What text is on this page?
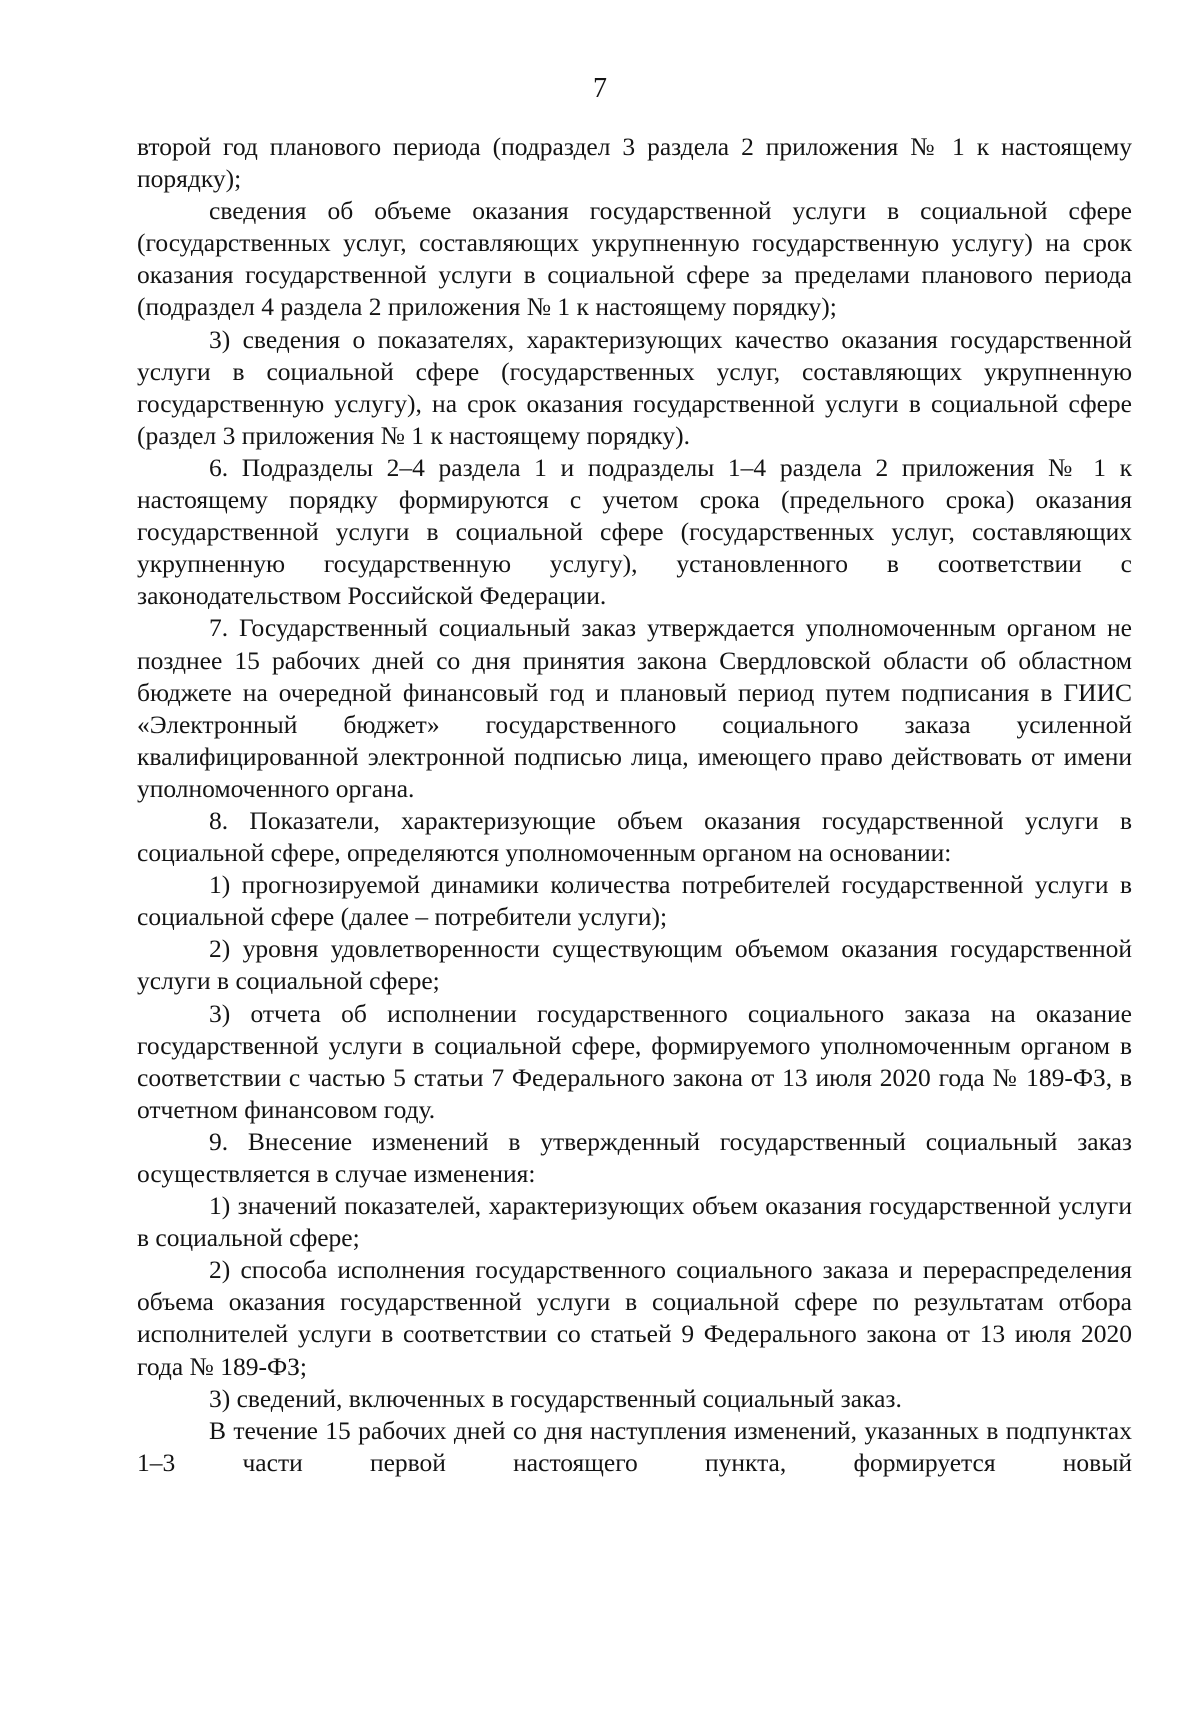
7

второй год планового периода (подраздел 3 раздела 2 приложения № 1 к настоящему порядку);

сведения об объеме оказания государственной услуги в социальной сфере (государственных услуг, составляющих укрупненную государственную услугу) на срок оказания государственной услуги в социальной сфере за пределами планового периода (подраздел 4 раздела 2 приложения № 1 к настоящему порядку);

3) сведения о показателях, характеризующих качество оказания государственной услуги в социальной сфере (государственных услуг, составляющих укрупненную государственную услугу), на срок оказания государственной услуги в социальной сфере (раздел 3 приложения № 1 к настоящему порядку).

6. Подразделы 2–4 раздела 1 и подразделы 1–4 раздела 2 приложения № 1 к настоящему порядку формируются с учетом срока (предельного срока) оказания государственной услуги в социальной сфере (государственных услуг, составляющих укрупненную государственную услугу), установленного в соответствии с законодательством Российской Федерации.

7. Государственный социальный заказ утверждается уполномоченным органом не позднее 15 рабочих дней со дня принятия закона Свердловской области об областном бюджете на очередной финансовый год и плановый период путем подписания в ГИИС «Электронный бюджет» государственного социального заказа усиленной квалифицированной электронной подписью лица, имеющего право действовать от имени уполномоченного органа.

8. Показатели, характеризующие объем оказания государственной услуги в социальной сфере, определяются уполномоченным органом на основании:

1) прогнозируемой динамики количества потребителей государственной услуги в социальной сфере (далее – потребители услуги);

2) уровня удовлетворенности существующим объемом оказания государственной услуги в социальной сфере;

3) отчета об исполнении государственного социального заказа на оказание государственной услуги в социальной сфере, формируемого уполномоченным органом в соответствии с частью 5 статьи 7 Федерального закона от 13 июля 2020 года № 189-ФЗ, в отчетном финансовом году.

9. Внесение изменений в утвержденный государственный социальный заказ осуществляется в случае изменения:

1) значений показателей, характеризующих объем оказания государственной услуги в социальной сфере;

2) способа исполнения государственного социального заказа и перераспределения объема оказания государственной услуги в социальной сфере по результатам отбора исполнителей услуги в соответствии со статьей 9 Федерального закона от 13 июля 2020 года № 189-ФЗ;

3) сведений, включенных в государственный социальный заказ.

В течение 15 рабочих дней со дня наступления изменений, указанных в подпунктах 1–3 части первой настоящего пункта, формируется новый
